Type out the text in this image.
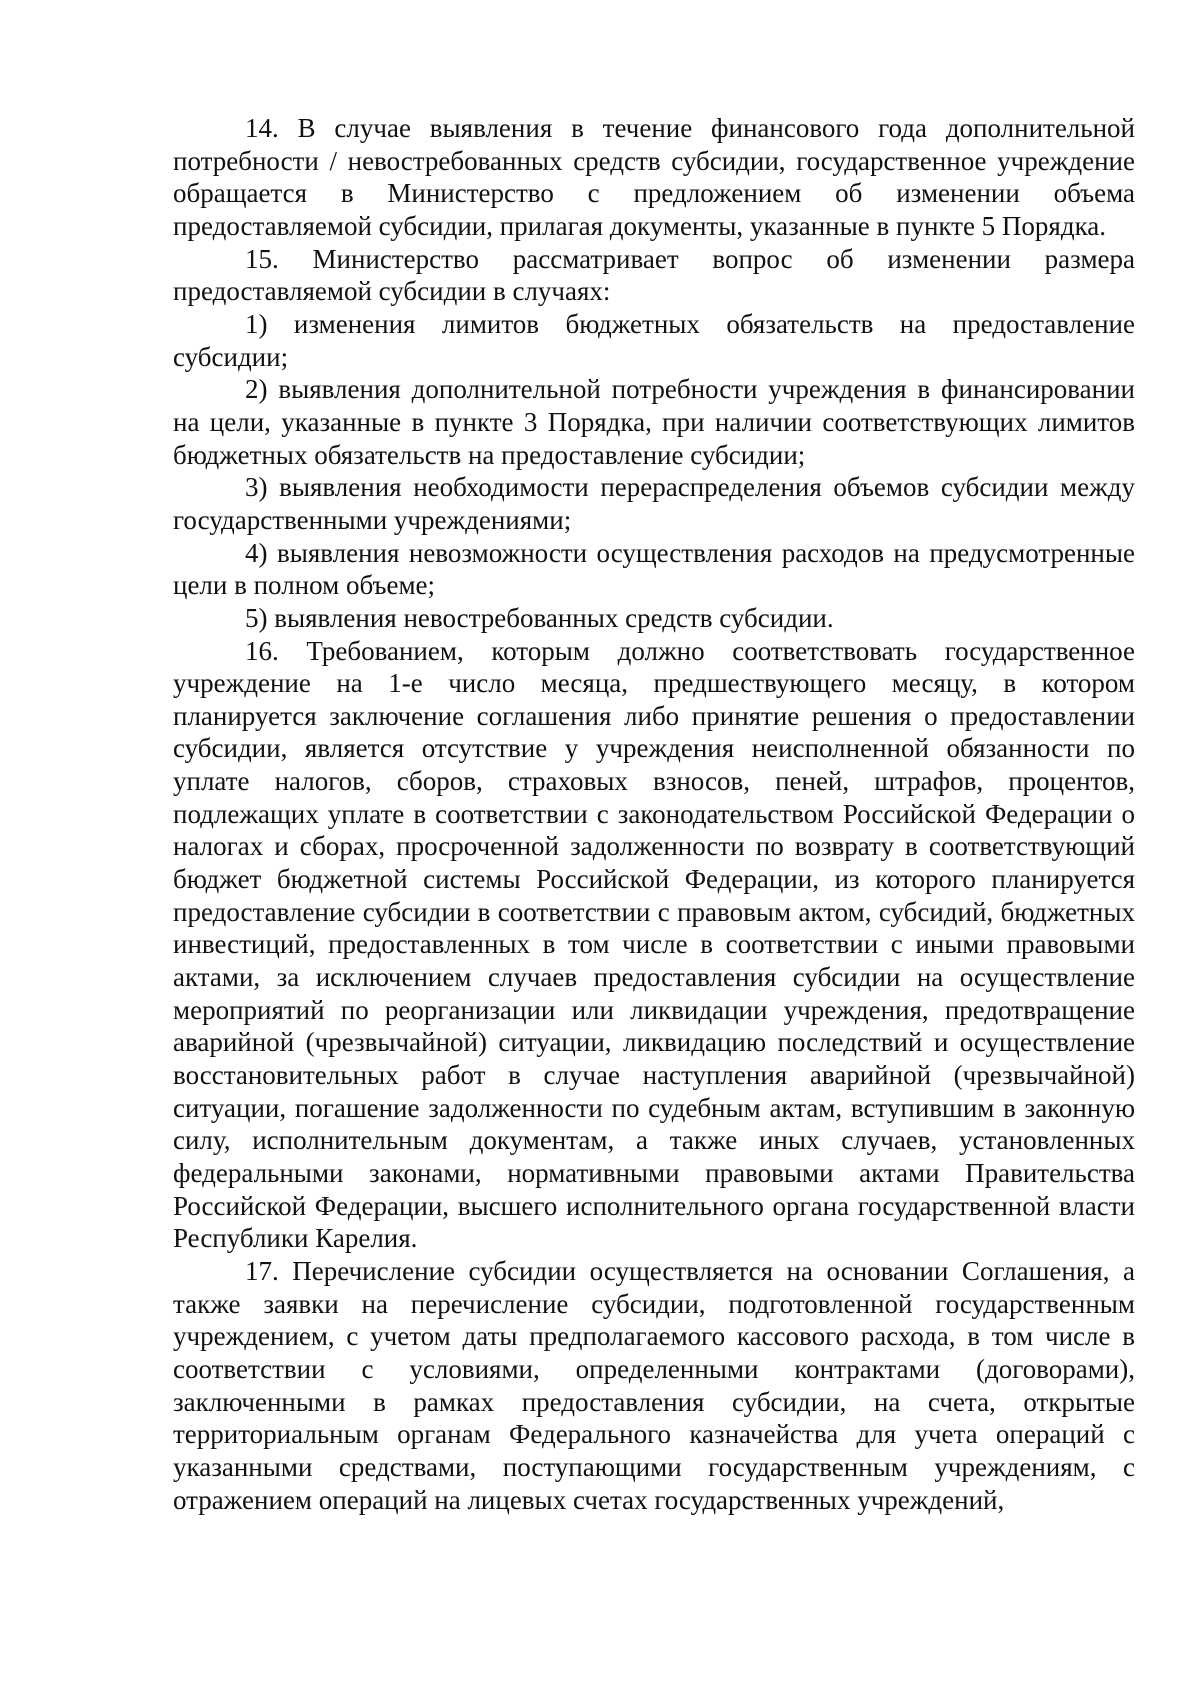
14. В случае выявления в течение финансового года дополнительной потребности / невостребованных средств субсидии, государственное учреждение обращается в Министерство с предложением об изменении объема предоставляемой субсидии, прилагая документы, указанные в пункте 5 Порядка.

15. Министерство рассматривает вопрос об изменении размера предоставляемой субсидии в случаях:

1) изменения лимитов бюджетных обязательств на предоставление субсидии;

2) выявления дополнительной потребности учреждения в финансировании на цели, указанные в пункте 3 Порядка, при наличии соответствующих лимитов бюджетных обязательств на предоставление субсидии;

3) выявления необходимости перераспределения объемов субсидии между государственными учреждениями;

4) выявления невозможности осуществления расходов на предусмотренные цели в полном объеме;

5) выявления невостребованных средств субсидии.

16. Требованием, которым должно соответствовать государственное учреждение на 1-е число месяца, предшествующего месяцу, в котором планируется заключение соглашения либо принятие решения о предоставлении субсидии, является отсутствие у учреждения неисполненной обязанности по уплате налогов, сборов, страховых взносов, пеней, штрафов, процентов, подлежащих уплате в соответствии с законодательством Российской Федерации о налогах и сборах, просроченной задолженности по возврату в соответствующий бюджет бюджетной системы Российской Федерации, из которого планируется предоставление субсидии в соответствии с правовым актом, субсидий, бюджетных инвестиций, предоставленных в том числе в соответствии с иными правовыми актами, за исключением случаев предоставления субсидии на осуществление мероприятий по реорганизации или ликвидации учреждения, предотвращение аварийной (чрезвычайной) ситуации, ликвидацию последствий и осуществление восстановительных работ в случае наступления аварийной (чрезвычайной) ситуации, погашение задолженности по судебным актам, вступившим в законную силу, исполнительным документам, а также иных случаев, установленных федеральными законами, нормативными правовыми актами Правительства Российской Федерации, высшего исполнительного органа государственной власти Республики Карелия.

17. Перечисление субсидии осуществляется на основании Соглашения, а также заявки на перечисление субсидии, подготовленной государственным учреждением, с учетом даты предполагаемого кассового расхода, в том числе в соответствии с условиями, определенными контрактами (договорами), заключенными в рамках предоставления субсидии, на счета, открытые территориальным органам Федерального казначейства для учета операций с указанными средствами, поступающими государственным учреждениям, с отражением операций на лицевых счетах государственных учреждений,
